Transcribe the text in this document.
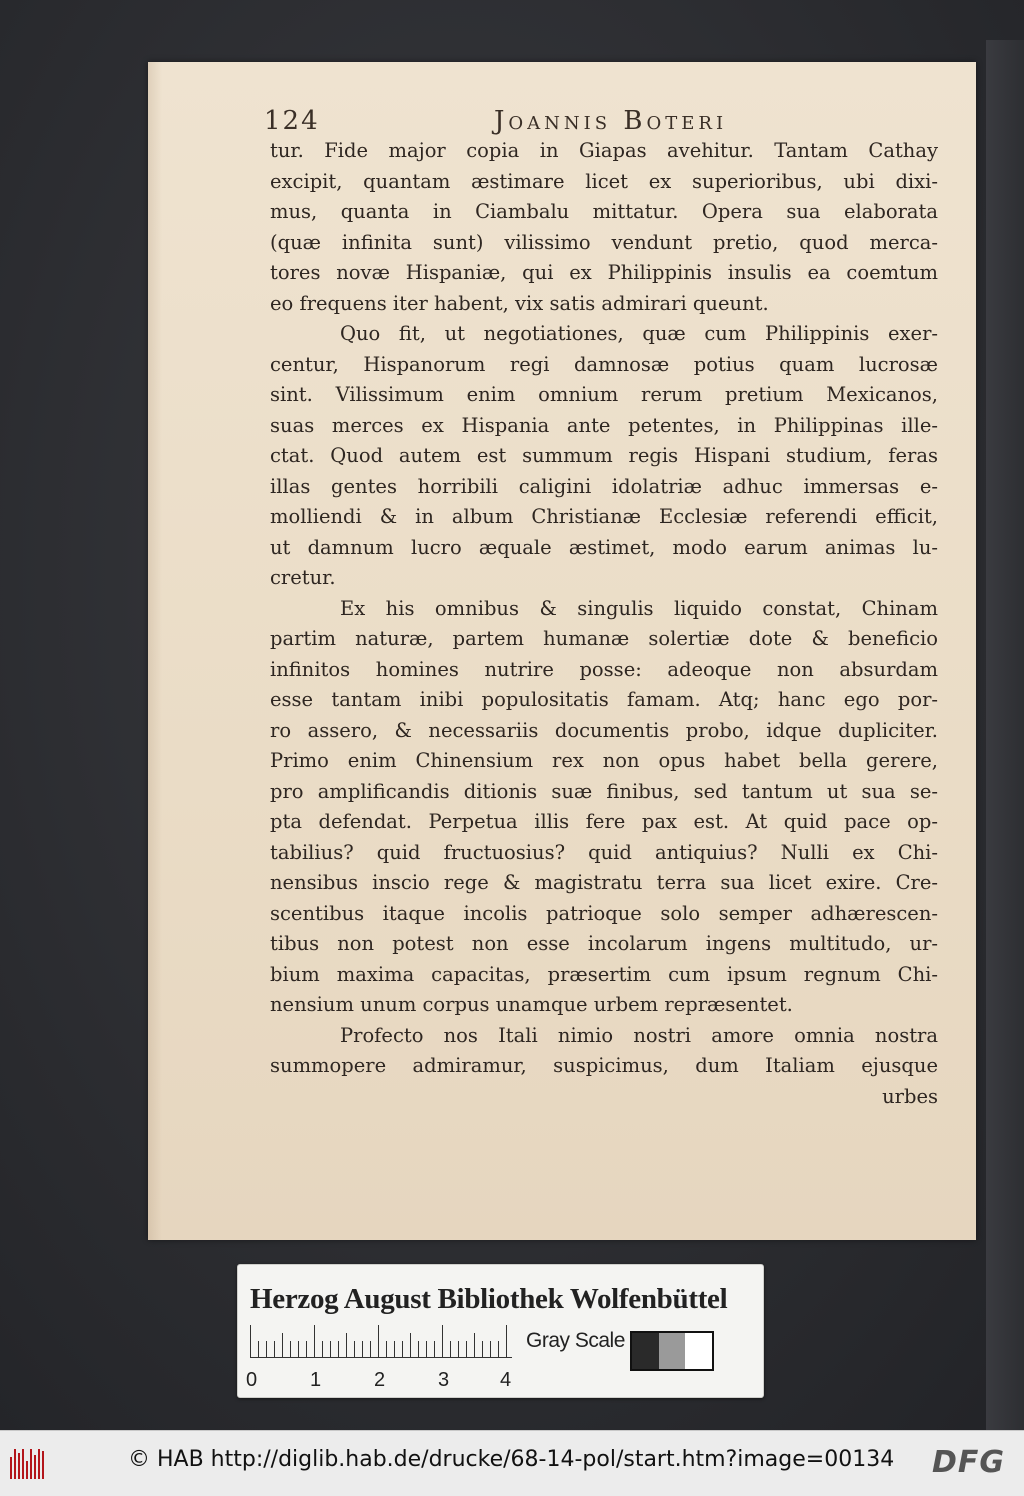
124	Joannis Boteri
tur. Fide major copia in Giapas avehitur. Tantam Cathay
excipit, quantam æstimare licet ex superioribus, ubi dixi-
mus, quanta in Ciambalu mittatur. Opera sua elaborata
(quæ infinita sunt) vilissimo vendunt pretio, quod merca-
tores novæ Hispaniæ, qui ex Philippinis insulis ea coemtum
eo frequens iter habent, vix satis admirari queunt.
Quo fit, ut negotiationes, quæ cum Philippinis exer-
centur, Hispanorum regi damnosæ potius quam lucrosæ
sint. Vilissimum enim omnium rerum pretium Mexicanos,
suas merces ex Hispania ante petentes, in Philippinas ille-
ctat. Quod autem est summum regis Hispani studium, feras
illas gentes horribili caligini idolatriæ adhuc immersas e-
molliendi & in album Christianæ Ecclesiæ referendi efficit,
ut damnum lucro æquale æstimet, modo earum animas lu-
cretur.
Ex his omnibus & singulis liquido constat, Chinam
partim naturæ, partem humanæ solertiæ dote & beneficio
infinitos homines nutrire posse: adeoque non absurdam
esse tantam inibi populositatis famam. Atq; hanc ego por-
ro assero, & necessariis documentis probo, idque dupliciter.
Primo enim Chinensium rex non opus habet bella gerere,
pro amplificandis ditionis suæ finibus, sed tantum ut sua se-
pta defendat. Perpetua illis fere pax est. At quid pace op-
tabilius? quid fructuosius? quid antiquius? Nulli ex Chi-
nensibus inscio rege & magistratu terra sua licet exire. Cre-
scentibus itaque incolis patrioque solo semper adhærescen-
tibus non potest non esse incolarum ingens multitudo, ur-
bium maxima capacitas, præsertim cum ipsum regnum Chi-
nensium unum corpus unamque urbem repræsentet.
Profecto nos Itali nimio nostri amore omnia nostra
summopere admiramur, suspicimus, dum Italiam ejusque
urbes
Herzog August Bibliothek Wolfenbüttel
0	1	2	3	4
Gray Scale
© HAB http://diglib.hab.de/drucke/68-14-pol/start.htm?image=00134 DFG
